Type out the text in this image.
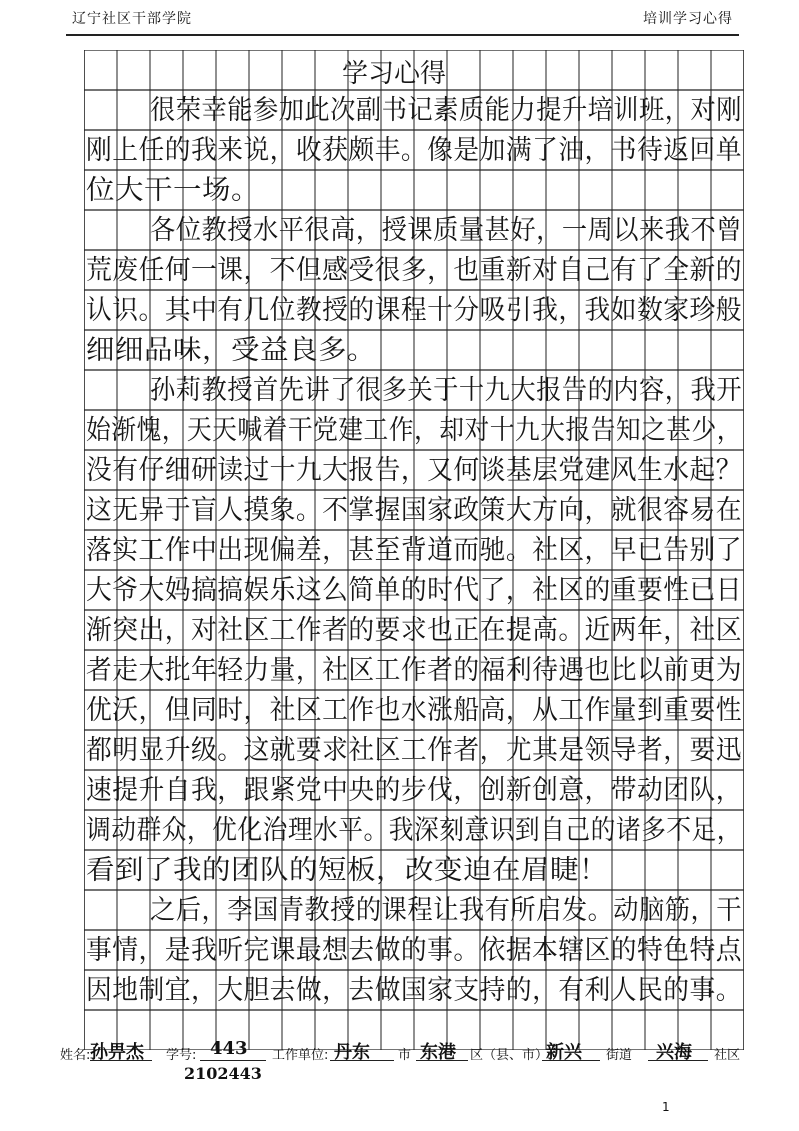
辽宁社区干部学院	培训学习心得
学习心得
很荣幸能参加此次副书记素质能力提升培训班，对刚
刚上任的我来说，收获颇丰。像是加满了油，书待返回单
位大干一场。
各位教授水平很高，授课质量甚好，一周以来我不曾
荒废任何一课，不但感受很多，也重新对自己有了全新的
认识。其中有几位教授的课程十分吸引我，我如数家珍般
细细品味，受益良多。
孙莉教授首先讲了很多关于十九大报告的内容，我开
始渐愧，天天喊着干党建工作，却对十九大报告知之甚少，
没有仔细研读过十九大报告，又何谈基层党建风生水起？
这无异于盲人摸象。不掌握国家政策大方向，就很容易在
落实工作中出现偏差，甚至背道而驰。社区，早已告别了
大爷大妈搞搞娱乐这么简单的时代了，社区的重要性已日
渐突出，对社区工作者的要求也正在提高。近两年，社区
者走大批年轻力量，社区工作者的福利待遇也比以前更为
优沃，但同时，社区工作也水涨船高，从工作量到重要性
都明显升级。这就要求社区工作者，尤其是领导者，要迅
速提升自我，跟紧党中央的步伐，创新创意，带动团队，
调动群众，优化治理水平。我深刻意识到自己的诸多不足，
看到了我的团队的短板，改变迫在眉睫！
之后，李国青教授的课程让我有所启发。动脑筋，干
事情，是我听完课最想去做的事。依据本辖区的特色特点
因地制宜，大胆去做，去做国家支持的，有利人民的事。
姓名: 孙畀杰 学号: 443
2102443
工作单位: 丹东 市 东港 区（县、市）
新兴 街道 兴海 社区
1
